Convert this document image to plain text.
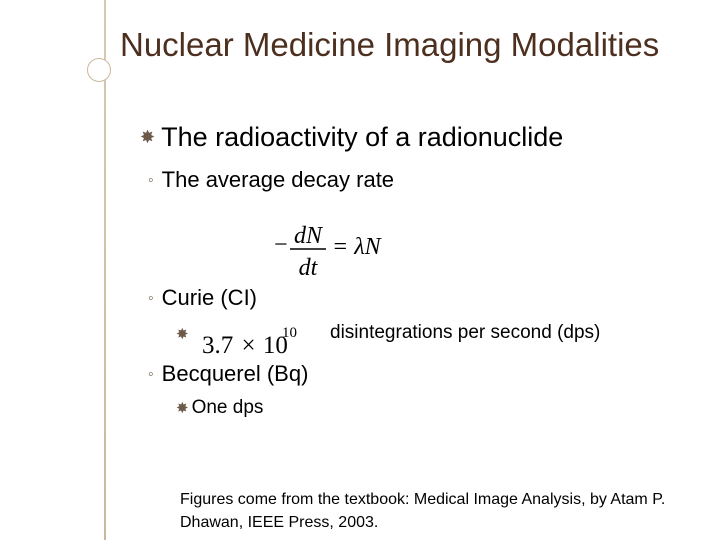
Nuclear Medicine Imaging Modalities
✸ The radioactivity of a radionuclide
◦ The average decay rate
− dN
dt
= λN
◦ Curie (CI)
✸ 3.7 × 10
10 disintegrations per second (dps)
◦ Becquerel (Bq)
✸ One dps
Figures come from the textbook: Medical Image Analysis, by Atam P. Dhawan, IEEE Press, 2003.
